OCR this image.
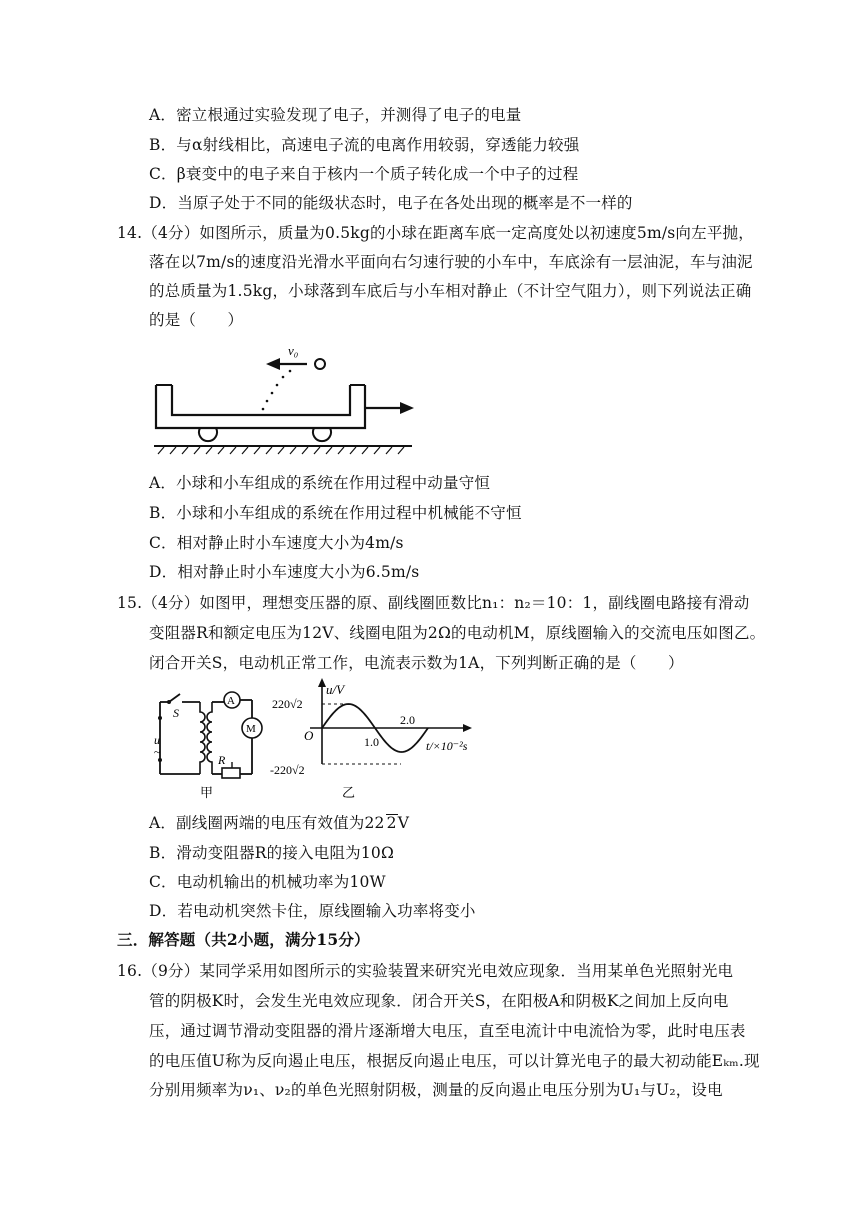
A．密立根通过实验发现了电子，并测得了电子的电量
B．与α射线相比，高速电子流的电离作用较弱，穿透能力较强
C．β衰变中的电子来自于核内一个质子转化成一个中子的过程
D．当原子处于不同的能级状态时，电子在各处出现的概率是不一样的
14.（4分）如图所示，质量为0.5kg的小球在距离车底一定高度处以初速度5m/s向左平抛，
落在以7m/s的速度沿光滑水平面向右匀速行驶的小车中，车底涂有一层油泥，车与油泥
的总质量为1.5kg，小球落到车底后与小车相对静止（不计空气阻力），则下列说法正确
的是（　　）
v₀
A．小球和小车组成的系统在作用过程中动量守恒
B．小球和小车组成的系统在作用过程中机械能不守恒
C．相对静止时小车速度大小为4m/s
D．相对静止时小车速度大小为6.5m/s
15.（4分）如图甲，理想变压器的原、副线圈匝数比n₁：n₂＝10：1，副线圈电路接有滑动
变阻器R和额定电压为12V、线圈电阻为2Ω的电动机M，原线圈输入的交流电压如图乙。
闭合开关S，电动机正常工作，电流表示数为1A，下列判断正确的是（　　）
S
u
~
A
M
R
甲
u/V
O
220√2
-220√2
1.0
2.0
t/×10⁻²s
乙
A．副线圈两端的电压有效值为22 2V
B．滑动变阻器R的接入电阻为10Ω
C．电动机输出的机械功率为10W
D．若电动机突然卡住，原线圈输入功率将变小
三．解答题（共2小题，满分15分）
16.（9分）某同学采用如图所示的实验装置来研究光电效应现象．当用某单色光照射光电
管的阴极K时，会发生光电效应现象．闭合开关S，在阳极A和阴极K之间加上反向电
压，通过调节滑动变阻器的滑片逐渐增大电压，直至电流计中电流恰为零，此时电压表
的电压值U称为反向遏止电压，根据反向遏止电压，可以计算光电子的最大初动能Eₖₘ.现
分别用频率为ν₁、ν₂的单色光照射阴极，测量的反向遏止电压分别为U₁与U₂，设电
